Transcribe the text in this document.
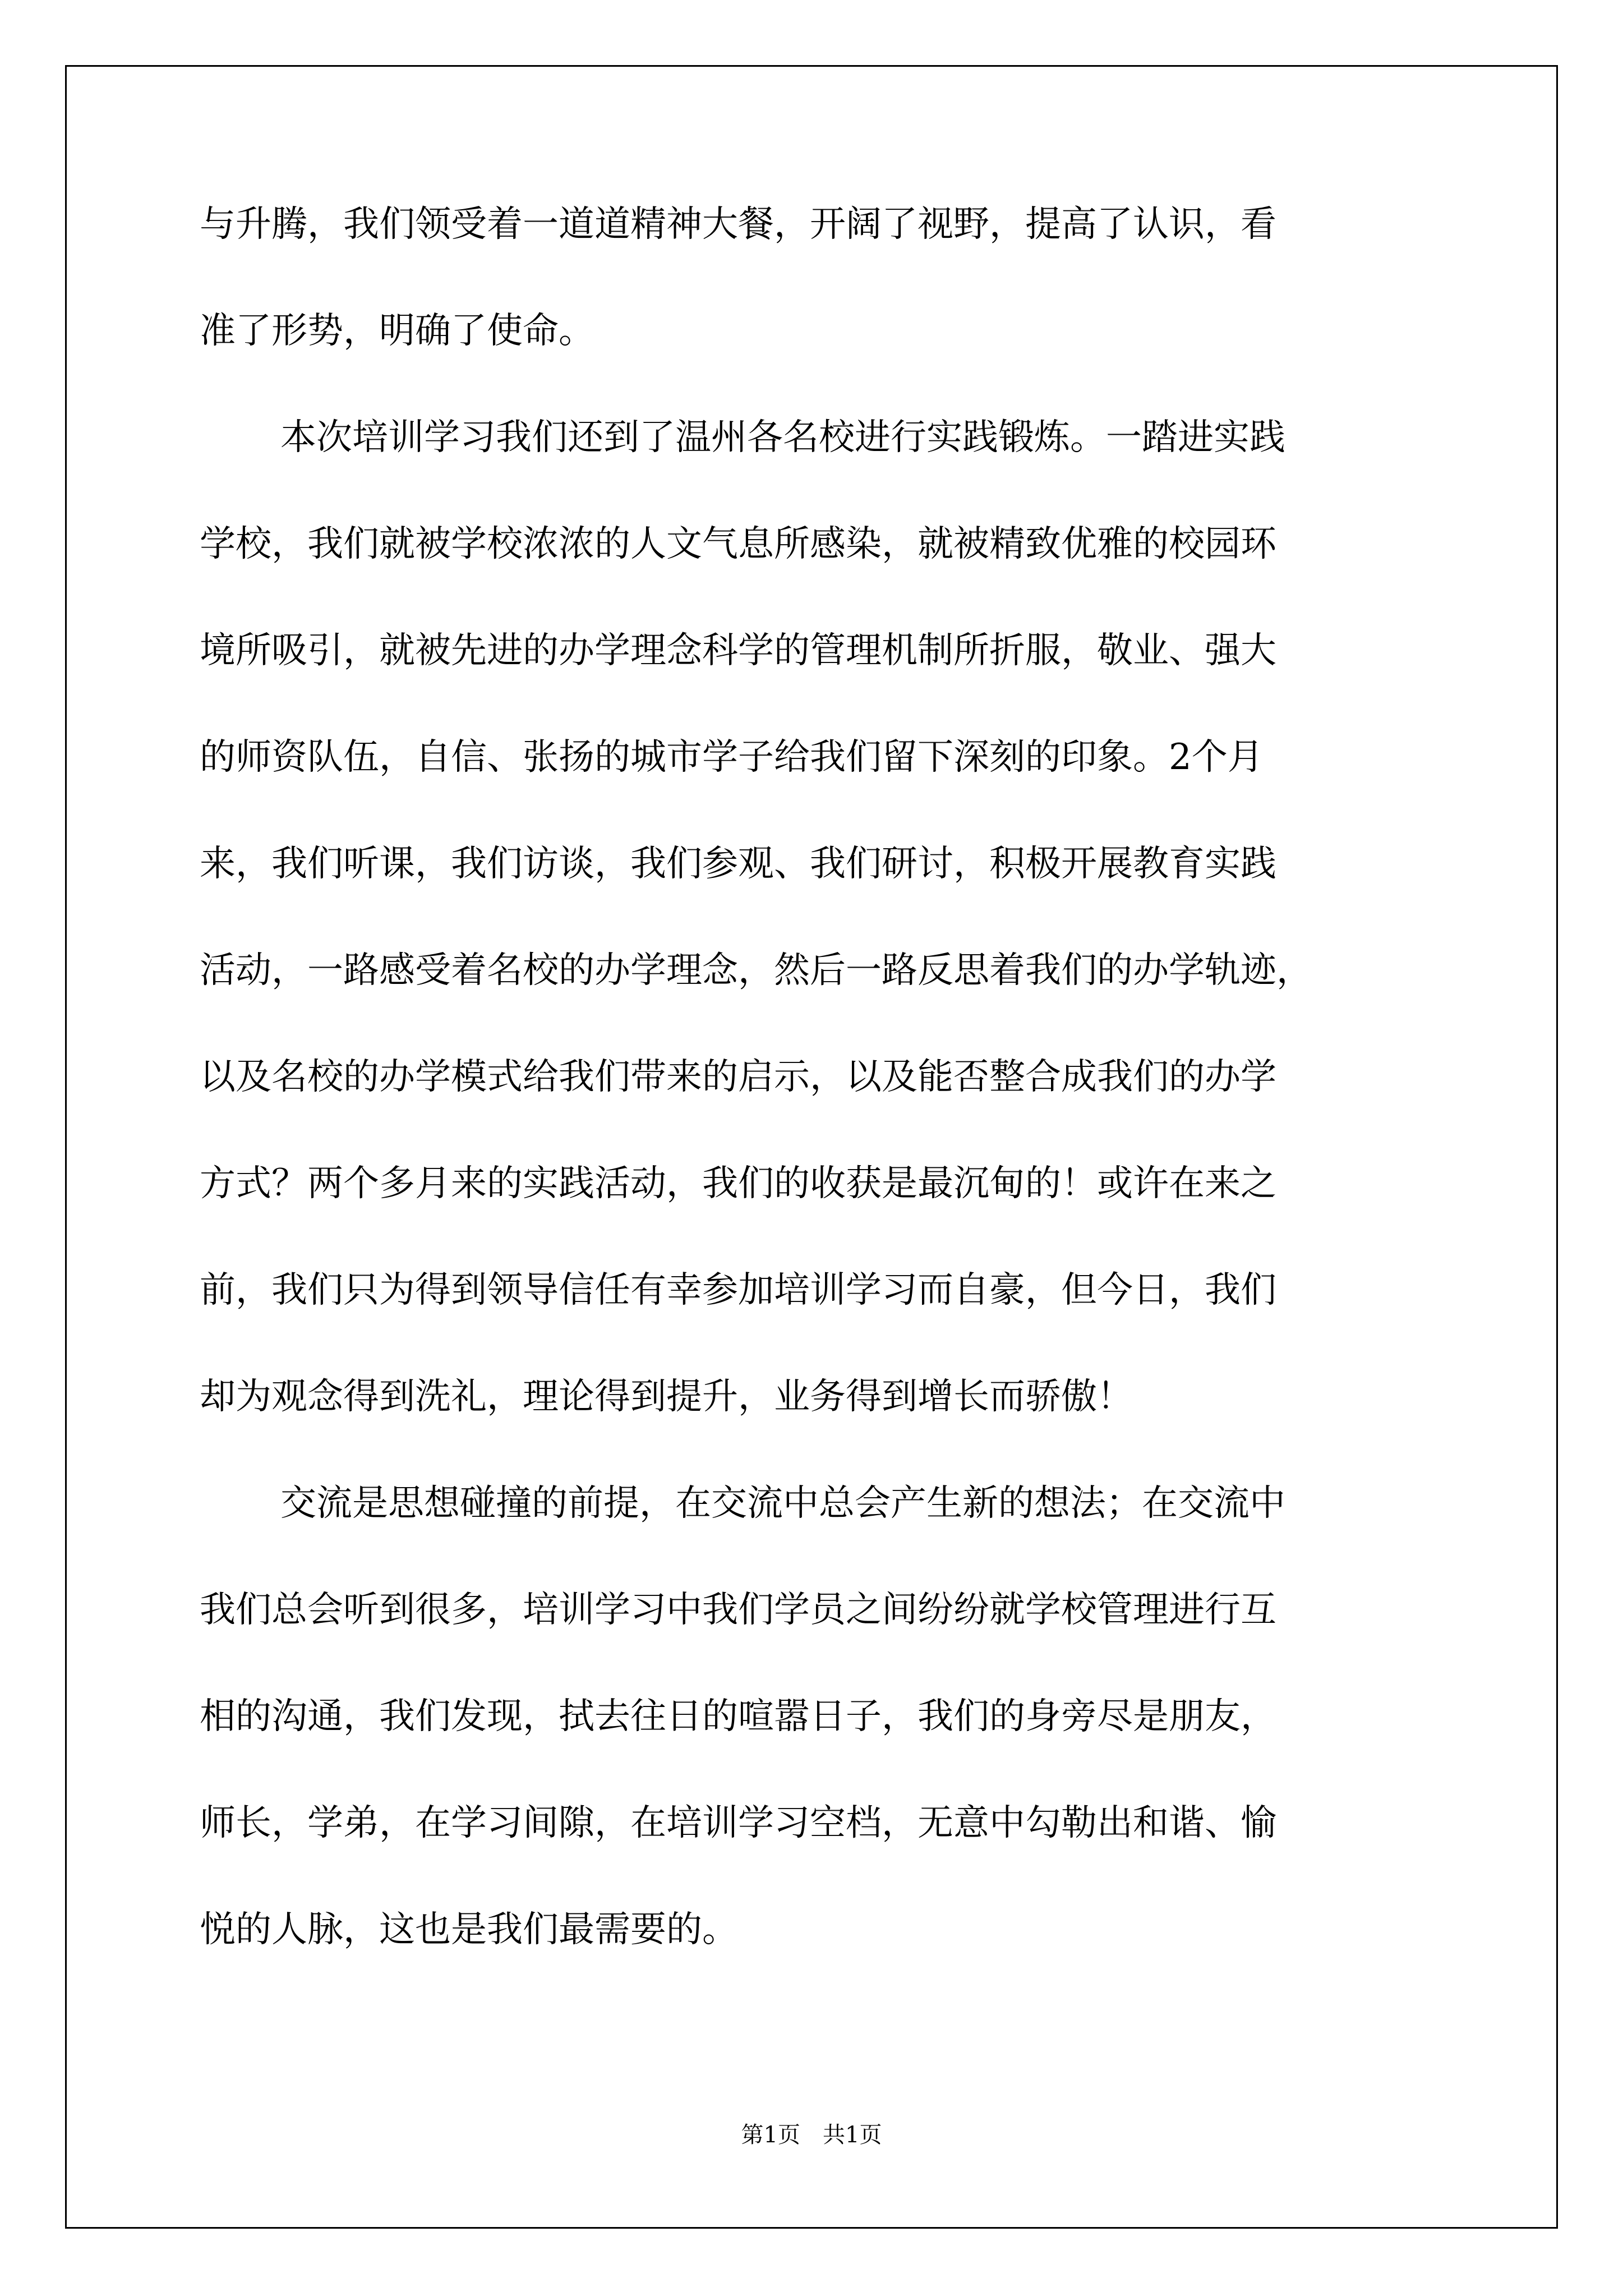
与升腾，我们领受着一道道精神大餐，开阔了视野，提高了认识，看
准了形势，明确了使命。
本次培训学习我们还到了温州各名校进行实践锻炼。一踏进实践
学校，我们就被学校浓浓的人文气息所感染，就被精致优雅的校园环
境所吸引，就被先进的办学理念科学的管理机制所折服，敬业、强大
的师资队伍，自信、张扬的城市学子给我们留下深刻的印象。2个月
来，我们听课，我们访谈，我们参观、我们研讨，积极开展教育实践
活动，一路感受着名校的办学理念，然后一路反思着我们的办学轨迹，
以及名校的办学模式给我们带来的启示，以及能否整合成我们的办学
方式？两个多月来的实践活动，我们的收获是最沉甸的！或许在来之
前，我们只为得到领导信任有幸参加培训学习而自豪，但今日，我们
却为观念得到洗礼，理论得到提升，业务得到增长而骄傲！
交流是思想碰撞的前提，在交流中总会产生新的想法；在交流中
我们总会听到很多，培训学习中我们学员之间纷纷就学校管理进行互
相的沟通，我们发现，拭去往日的喧嚣日子，我们的身旁尽是朋友，
师长，学弟，在学习间隙，在培训学习空档，无意中勾勒出和谐、愉
悦的人脉，这也是我们最需要的。
第1页　共1页
